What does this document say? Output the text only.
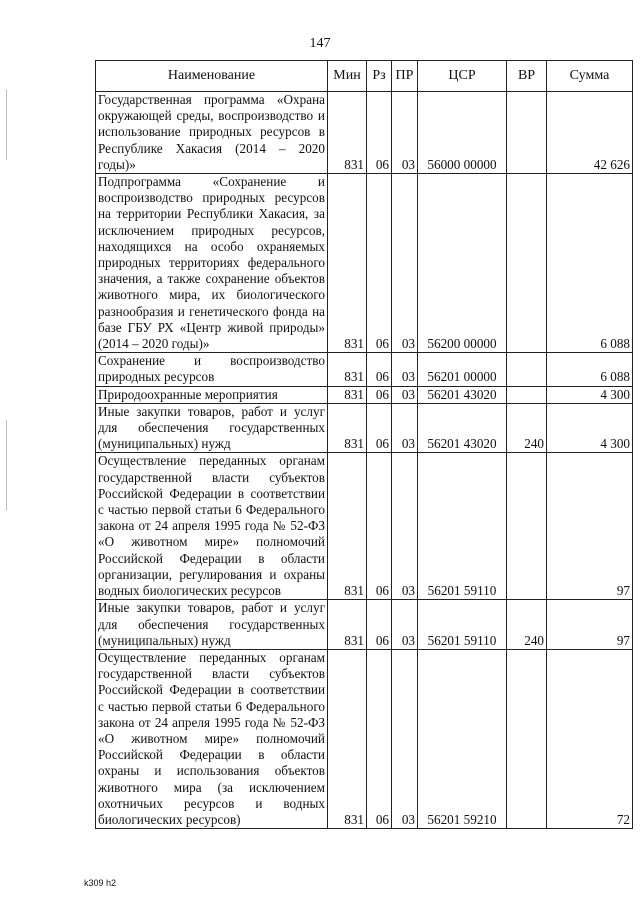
147
Наименование	Мин	Рз	ПР	ЦСР	ВР	Сумма
Государственная программа «Охрана окружающей среды, воспроизводство и использование природных ресурсов в Республике Хакасия (2014 – 2020 годы)»	831	06	03	56000 00000		42 626
Подпрограмма «Сохранение и воспроизводство природных ресурсов на территории Республики Хакасия, за исключением природных ресурсов, находящихся на особо охраняемых природных территориях федерального значения, а также сохранение объектов животного мира, их биологического разнообразия и генетического фонда на базе ГБУ РХ «Центр живой природы» (2014 – 2020 годы)»	831	06	03	56200 00000		6 088
Сохранение и воспроизводство природных ресурсов	831	06	03	56201 00000		6 088
Природоохранные мероприятия	831	06	03	56201 43020		4 300
Иные закупки товаров, работ и услуг для обеспечения государственных (муниципальных) нужд	831	06	03	56201 43020	240	4 300
Осуществление переданных органам государственной власти субъектов Российской Федерации в соответствии с частью первой статьи 6 Федерального закона от 24 апреля 1995 года № 52-ФЗ «О животном мире» полномочий Российской Федерации в области организации, регулирования и охраны водных биологических ресурсов	831	06	03	56201 59110		97
Иные закупки товаров, работ и услуг для обеспечения государственных (муниципальных) нужд	831	06	03	56201 59110	240	97
Осуществление переданных органам государственной власти субъектов Российской Федерации в соответствии с частью первой статьи 6 Федерального закона от 24 апреля 1995 года № 52-ФЗ «О животном мире» полномочий Российской Федерации в области охраны и использования объектов животного мира (за исключением охотничьих ресурсов и водных биологических ресурсов)	831	06	03	56201 59210		72
k309 h2
